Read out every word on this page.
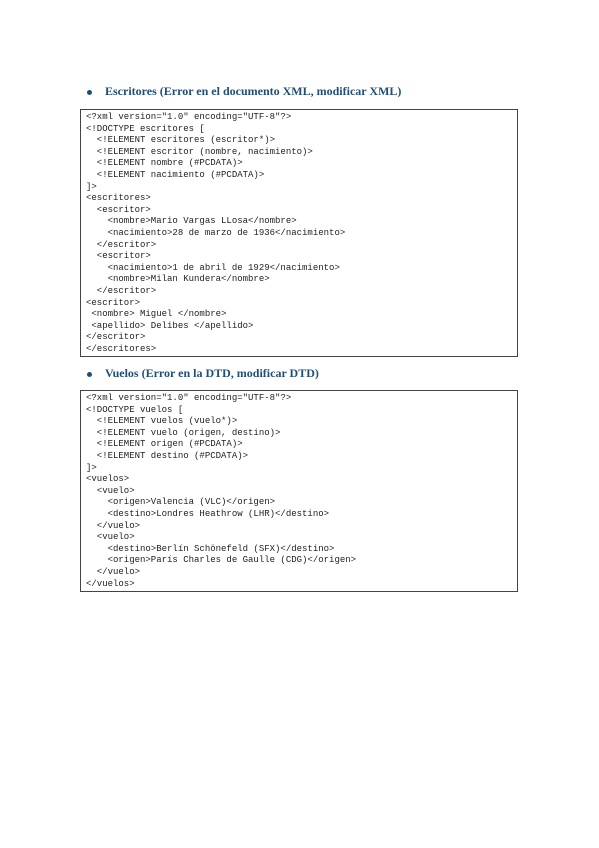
Escritores (Error en el documento XML, modificar XML)
<?xml version="1.0" encoding="UTF-8"?>
<!DOCTYPE escritores [
<!ELEMENT escritores (escritor*)>
<!ELEMENT escritor (nombre, nacimiento)>
<!ELEMENT nombre (#PCDATA)>
<!ELEMENT nacimiento (#PCDATA)>
]>
<escritores>
<escritor>
<nombre>Mario Vargas LLosa</nombre>
<nacimiento>28 de marzo de 1936</nacimiento>
</escritor>
<escritor>
<nacimiento>1 de abril de 1929</nacimiento>
<nombre>Milan Kundera</nombre>
</escritor>
<escritor>
<nombre> Miguel </nombre>
<apellido> Delibes </apellido>
</escritor>
</escritores>
Vuelos (Error en la DTD, modificar DTD)
<?xml version="1.0" encoding="UTF-8"?>
<!DOCTYPE vuelos [
<!ELEMENT vuelos (vuelo*)>
<!ELEMENT vuelo (origen, destino)>
<!ELEMENT origen (#PCDATA)>
<!ELEMENT destino (#PCDATA)>
]>
<vuelos>
<vuelo>
<origen>Valencia (VLC)</origen>
<destino>Londres Heathrow (LHR)</destino>
</vuelo>
<vuelo>
<destino>Berlín Schönefeld (SFX)</destino>
<origen>París Charles de Gaulle (CDG)</origen>
</vuelo>
</vuelos>
